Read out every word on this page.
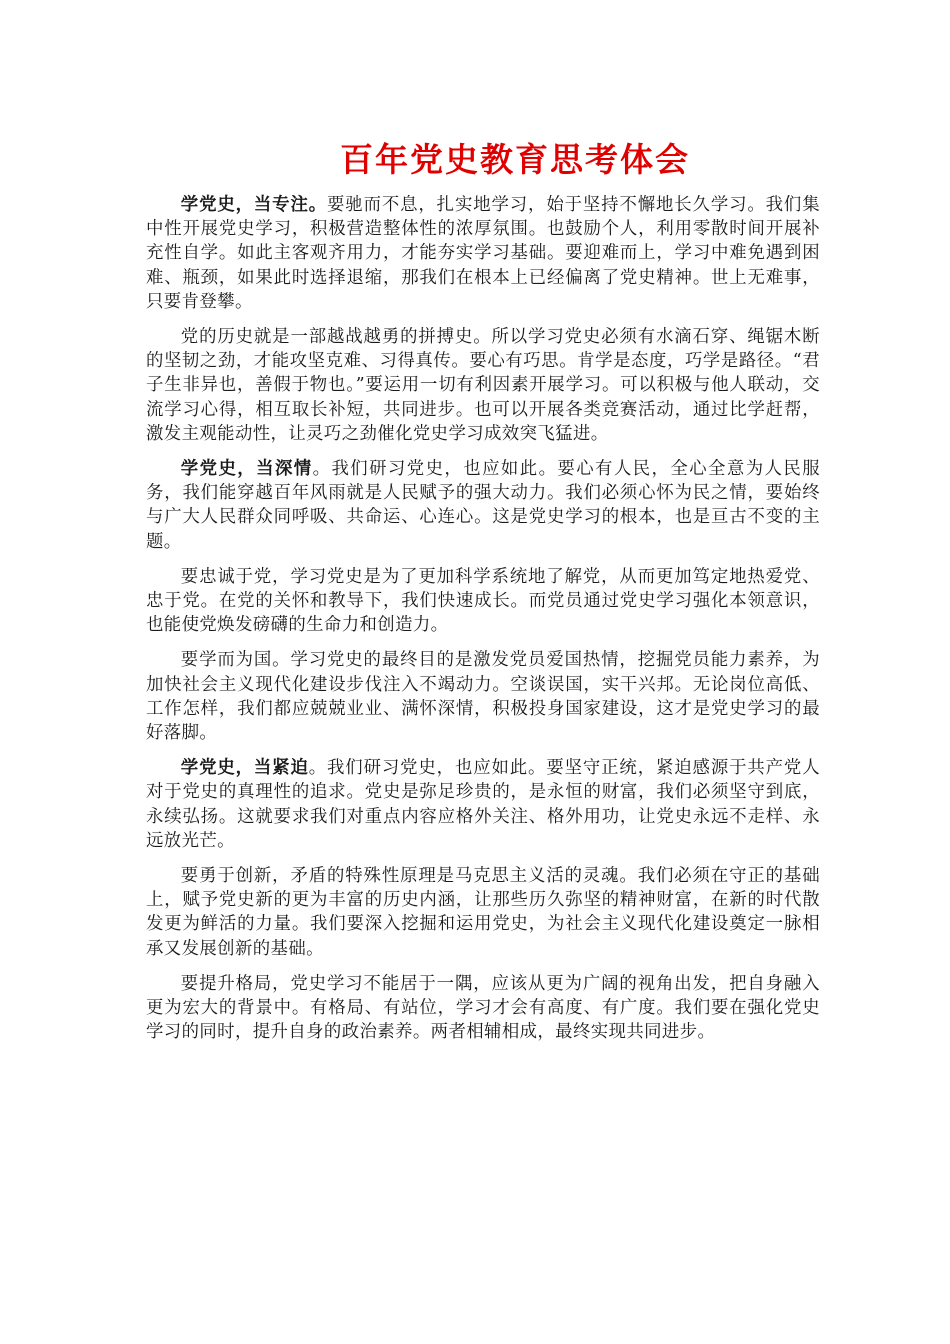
百年党史教育思考体会

学党史，当专注。要驰而不息，扎实地学习，始于坚持不懈地长久学习。我们集中性开展党史学习，积极营造整体性的浓厚氛围。也鼓励个人，利用零散时间开展补充性自学。如此主客观齐用力，才能夯实学习基础。要迎难而上，学习中难免遇到困难、瓶颈，如果此时选择退缩，那我们在根本上已经偏离了党史精神。世上无难事，只要肯登攀。

党的历史就是一部越战越勇的拼搏史。所以学习党史必须有水滴石穿、绳锯木断的坚韧之劲，才能攻坚克难、习得真传。要心有巧思。肯学是态度，巧学是路径。“君子生非异也，善假于物也。”要运用一切有利因素开展学习。可以积极与他人联动，交流学习心得，相互取长补短，共同进步。也可以开展各类竞赛活动，通过比学赶帮，激发主观能动性，让灵巧之劲催化党史学习成效突飞猛进。

学党史，当深情。我们研习党史，也应如此。要心有人民，全心全意为人民服务，我们能穿越百年风雨就是人民赋予的强大动力。我们必须心怀为民之情，要始终与广大人民群众同呼吸、共命运、心连心。这是党史学习的根本，也是亘古不变的主题。

要忠诚于党，学习党史是为了更加科学系统地了解党，从而更加笃定地热爱党、忠于党。在党的关怀和教导下，我们快速成长。而党员通过党史学习强化本领意识，也能使党焕发磅礴的生命力和创造力。

要学而为国。学习党史的最终目的是激发党员爱国热情，挖掘党员能力素养，为加快社会主义现代化建设步伐注入不竭动力。空谈误国，实干兴邦。无论岗位高低、工作怎样，我们都应兢兢业业、满怀深情，积极投身国家建设，这才是党史学习的最好落脚。

学党史，当紧迫。我们研习党史，也应如此。要坚守正统，紧迫感源于共产党人对于党史的真理性的追求。党史是弥足珍贵的，是永恒的财富，我们必须坚守到底，永续弘扬。这就要求我们对重点内容应格外关注、格外用功，让党史永远不走样、永远放光芒。

要勇于创新，矛盾的特殊性原理是马克思主义活的灵魂。我们必须在守正的基础上，赋予党史新的更为丰富的历史内涵，让那些历久弥坚的精神财富，在新的时代散发更为鲜活的力量。我们要深入挖掘和运用党史，为社会主义现代化建设奠定一脉相承又发展创新的基础。

要提升格局，党史学习不能居于一隅，应该从更为广阔的视角出发，把自身融入更为宏大的背景中。有格局、有站位，学习才会有高度、有广度。我们要在强化党史学习的同时，提升自身的政治素养。两者相辅相成，最终实现共同进步。
